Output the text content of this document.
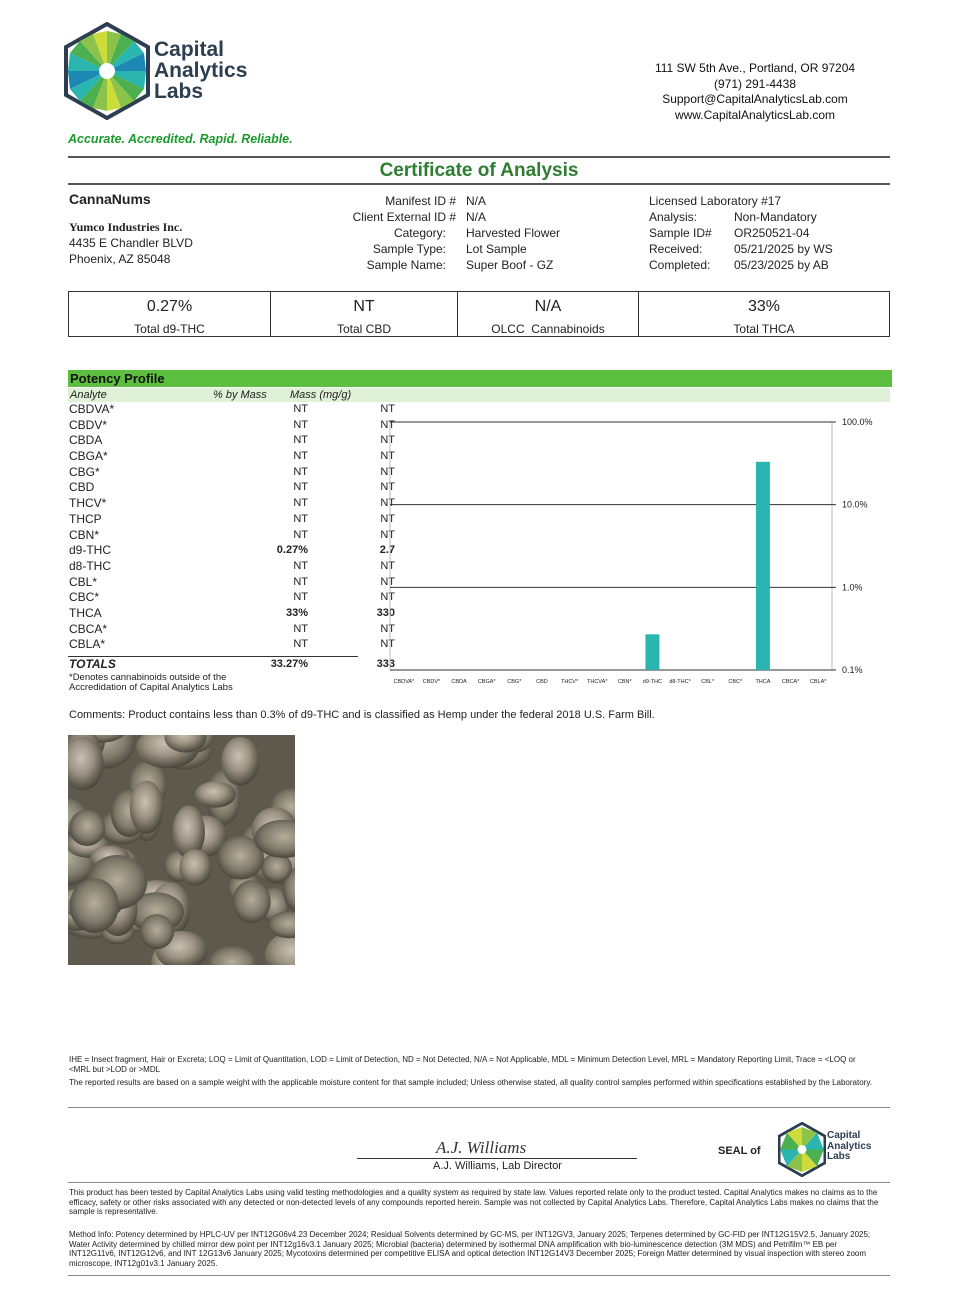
Capital
Analytics
Labs
Accurate. Accredited. Rapid. Reliable.
111 SW 5th Ave., Portland, OR 97204
(971) 291-4438
Support@CapitalAnalyticsLab.com
www.CapitalAnalyticsLab.com
Certificate of Analysis
CannaNums
Yumco Industries Inc.
4435 E Chandler BLVD
Phoenix, AZ 85048
Manifest ID # N/A
Client External ID # N/A
Category: Harvested Flower
Sample Type: Lot Sample
Sample Name: Super Boof - GZ
Licensed Laboratory #17
Analysis:	Non-Mandatory
Sample ID# OR250521-04
Received:	05/21/2025 by WS
Completed: 05/23/2025 by AB
0.27%
Total d9-THC
NT
Total CBD
N/A
OLCC  Cannabinoids
33%
Total THCA
Potency Profile
Analyte	% by Mass Mass (mg/g)
CBDVA*	NT	NT
CBDV*	NT	NT
CBDA	NT	NT
CBGA*	NT	NT
CBG*	NT	NT
CBD	NT	NT
THCV*	NT	NT
THCP	NT	NT
CBN*	NT	NT
d9-THC	0.27%	2.7
d8-THC	NT	NT
CBL*	NT	NT
CBC*	NT	NT
THCA	33%	330
CBCA*	NT	NT
CBLA*	NT	NT
TOTALS	33.27%	333
*Denotes cannabinoids outside of the
Accredidation of Capital Analytics Labs
100.0%
10.0%
1.0%
0.1%
CBDVA* CBDV* CBDA CBGA* CBG*	CBD THCV* THCVA* CBN* d9-THC d8-THC* CBL*	CBC* THCA CBCA* CBLA*
Comments: Product contains less than 0.3% of d9-THC and is classified as Hemp under the federal 2018 U.S. Farm Bill.
IHE = Insect fragment, Hair or Excreta; LOQ = Limit of Quantitation, LOD = Limit of Detection, ND = Not Detected, N/A = Not Applicable, MDL = Minimum Detection Level, MRL = Mandatory Reporting Limit, Trace = <LOQ or <MRL but >LOD or >MDL
The reported results are based on a sample weight with the applicable moisture content for that sample included; Unless otherwise stated, all quality control samples performed within specifications established by the Laboratory.
A.J. Williams
A.J. Williams, Lab Director
SEAL of
Capital
Analytics
Labs
This product has been tested by Capital Analytics Labs using valid testing methodologies and a quality system as required by state law. Values reported relate only to the product tested. Capital Analytics makes no claims as to the efficacy, safety or other risks associated with any detected or non-detected levels of any compounds reported herein. Sample was not collected by Capital Analytics Labs. Therefore, Capital Analytics Labs makes no claims that the sample is representative.
Method Info: Potency determined by HPLC-UV per INT12G06v4.23 December 2024; Residual Solvents determined by GC-MS, per INT12GV3, January 2025; Terpenes determined by GC-FID per INT12G15V2.5, January 2025; Water Activity determined by chilled mirror dew point per INT12g16v3.1 January 2025; Microbial (bacteria) determined by isothermal DNA amplification with bio-luminescence detection (3M MDS) and Petrifilm™ EB per INT12G11v6, INT12G12v6, and INT 12G13v6 January 2025; Mycotoxins determined per competitive ELISA and optical detection INT12G14V3 December 2025; Foreign Matter determined by visual inspection with stereo zoom microscope, INT12g01v3.1 January 2025.
